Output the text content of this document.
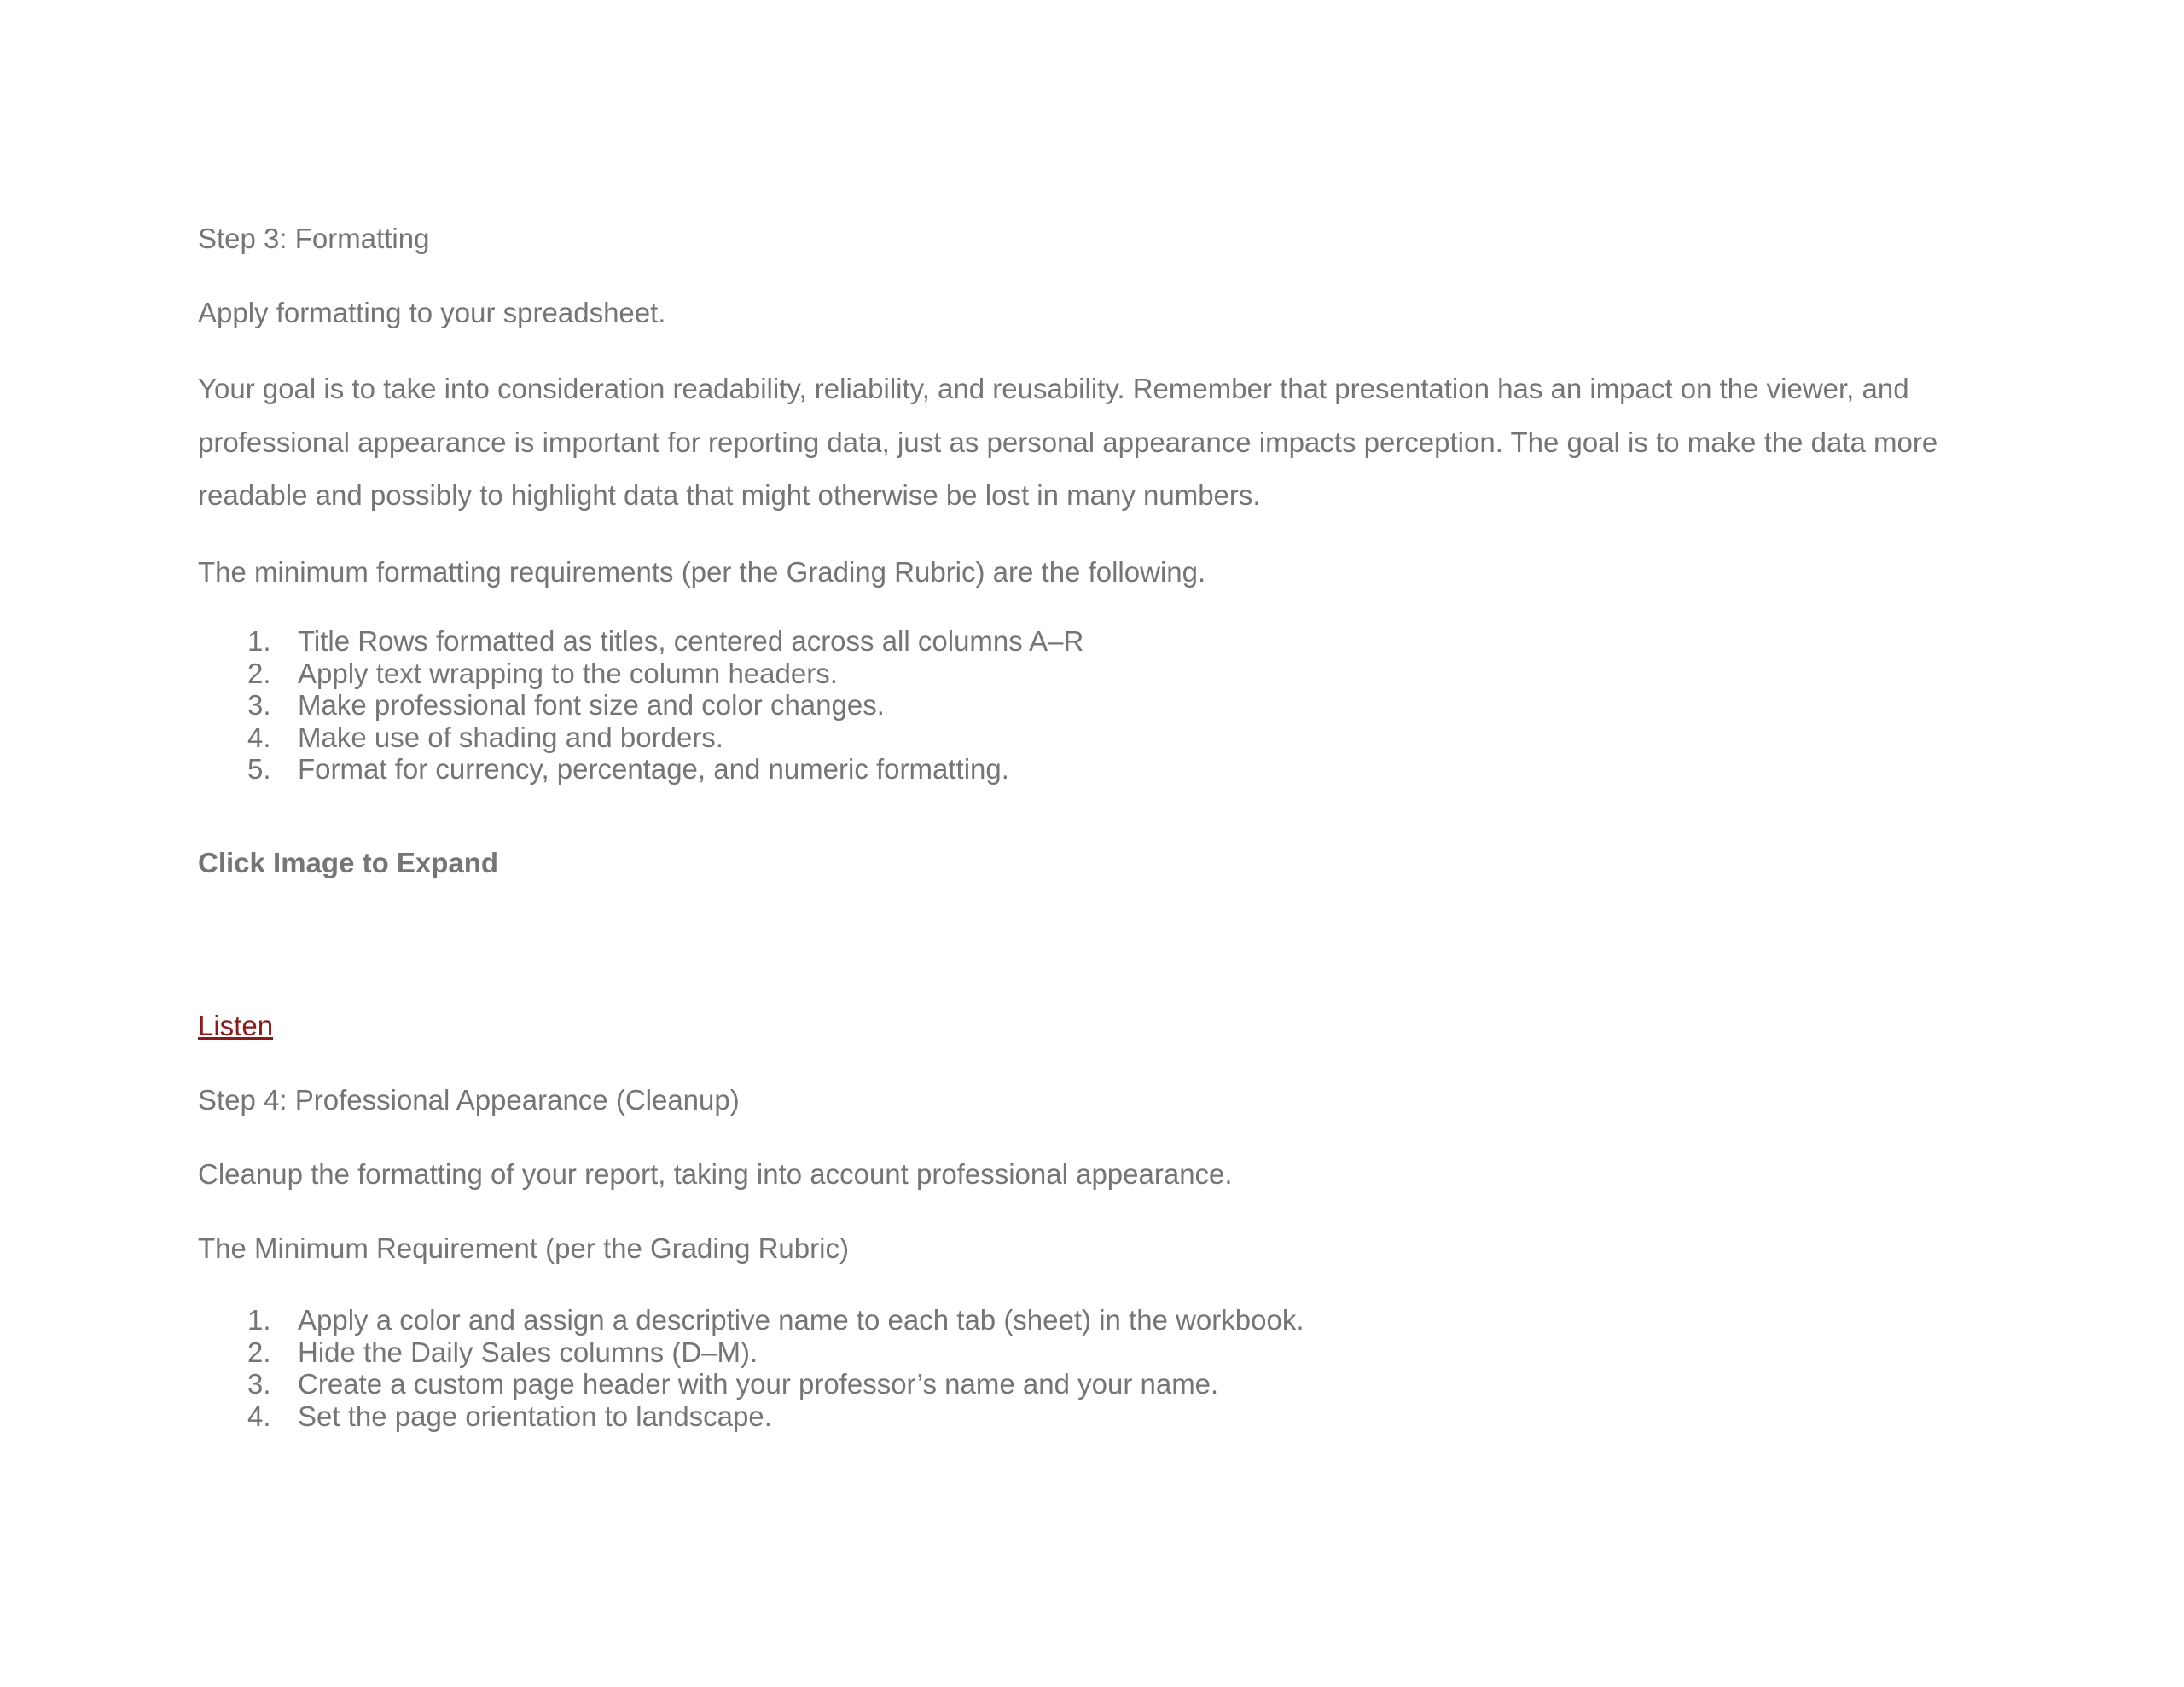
Step 3: Formatting

Apply formatting to your spreadsheet.

Your goal is to take into consideration readability, reliability, and reusability. Remember that presentation has an impact on the viewer, and
professional appearance is important for reporting data, just as personal appearance impacts perception. The goal is to make the data more
readable and possibly to highlight data that might otherwise be lost in many numbers.

The minimum formatting requirements (per the Grading Rubric) are the following.

1. Title Rows formatted as titles, centered across all columns A–R
2. Apply text wrapping to the column headers.
3. Make professional font size and color changes.
4. Make use of shading and borders.
5. Format for currency, percentage, and numeric formatting.

Click Image to Expand

Listen

Step 4: Professional Appearance (Cleanup)

Cleanup the formatting of your report, taking into account professional appearance.

The Minimum Requirement (per the Grading Rubric)

1. Apply a color and assign a descriptive name to each tab (sheet) in the workbook.
2. Hide the Daily Sales columns (D–M).
3. Create a custom page header with your professor’s name and your name.
4. Set the page orientation to landscape.
